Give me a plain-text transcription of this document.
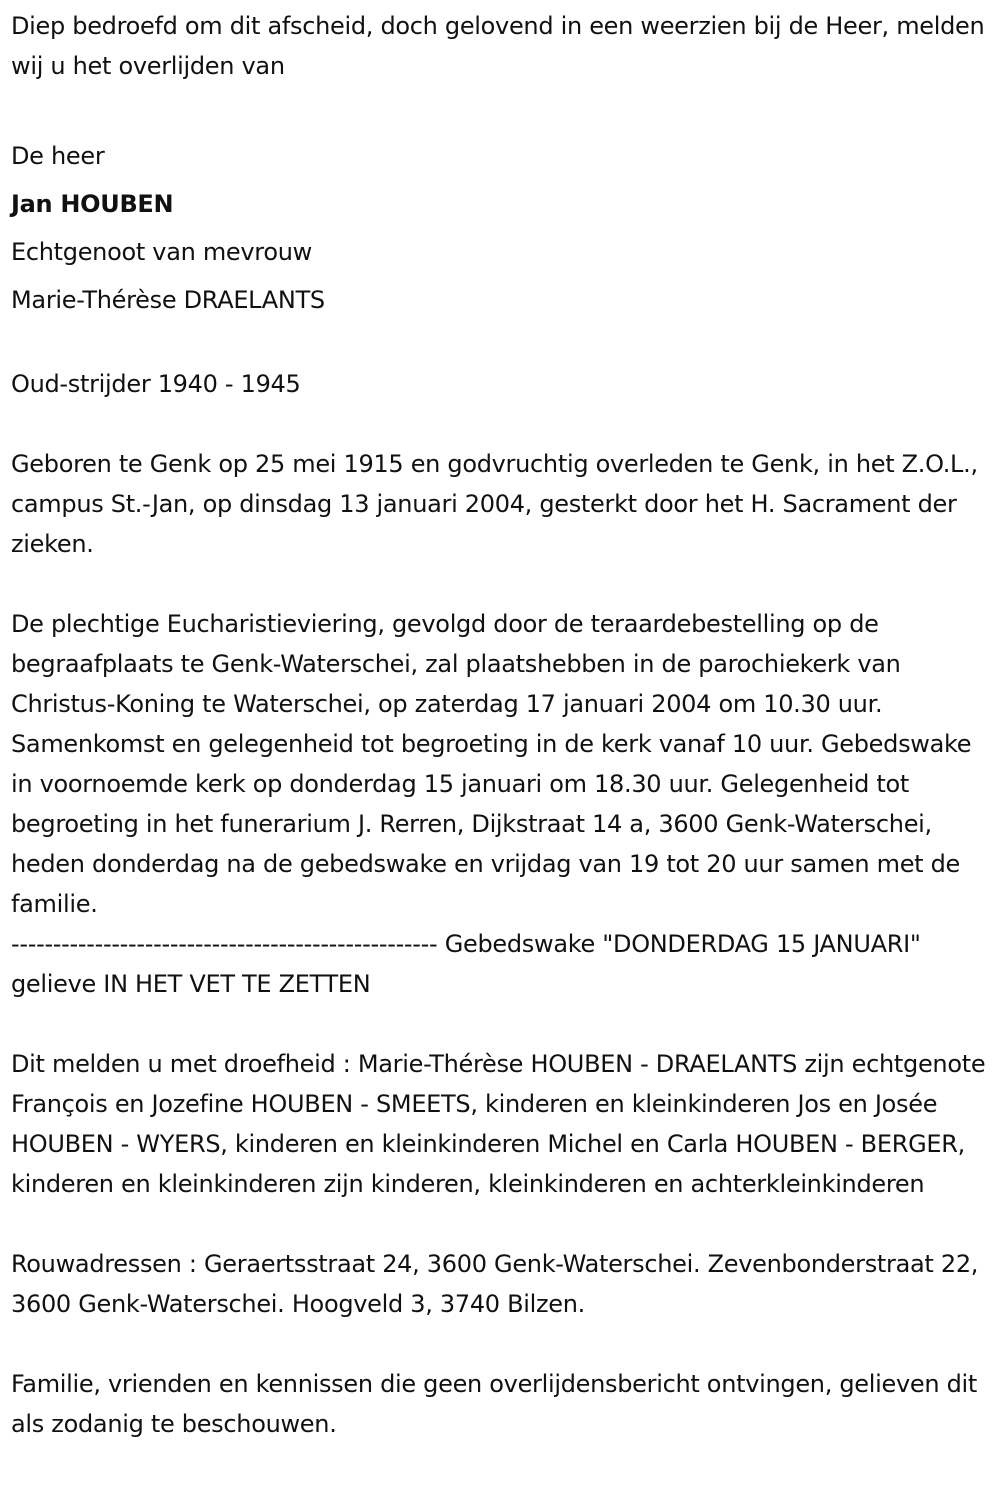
Diep bedroefd om dit afscheid, doch gelovend in een weerzien bij de Heer, melden wij u het overlijden van

De heer

Jan HOUBEN

Echtgenoot van mevrouw

Marie-Thérèse DRAELANTS

Oud-strijder 1940 - 1945

Geboren te Genk op 25 mei 1915 en godvruchtig overleden te Genk, in het Z.O.L., campus St.-Jan, op dinsdag 13 januari 2004, gesterkt door het H. Sacrament der zieken.

De plechtige Eucharistieviering, gevolgd door de teraardebestelling op de begraafplaats te Genk-Waterschei, zal plaatshebben in de parochiekerk van Christus-Koning te Waterschei, op zaterdag 17 januari 2004 om 10.30 uur. Samenkomst en gelegenheid tot begroeting in de kerk vanaf 10 uur. Gebedswake in voornoemde kerk op donderdag 15 januari om 18.30 uur. Gelegenheid tot begroeting in het funerarium J. Rerren, Dijkstraat 14 a, 3600 Genk-Waterschei, heden donderdag na de gebedswake en vrijdag van 19 tot 20 uur samen met de familie.

--------------------------------------------------- Gebedswake "DONDERDAG 15 JANUARI" gelieve IN HET VET TE ZETTEN

Dit melden u met droefheid : Marie-Thérèse HOUBEN - DRAELANTS zijn echtgenote François en Jozefine HOUBEN - SMEETS, kinderen en kleinkinderen Jos en Josée HOUBEN - WYERS, kinderen en kleinkinderen Michel en Carla HOUBEN - BERGER, kinderen en kleinkinderen zijn kinderen, kleinkinderen en achterkleinkinderen

Rouwadressen : Geraertsstraat 24, 3600 Genk-Waterschei. Zevenbonderstraat 22, 3600 Genk-Waterschei. Hoogveld 3, 3740 Bilzen.

Familie, vrienden en kennissen die geen overlijdensbericht ontvingen, gelieven dit als zodanig te beschouwen.
